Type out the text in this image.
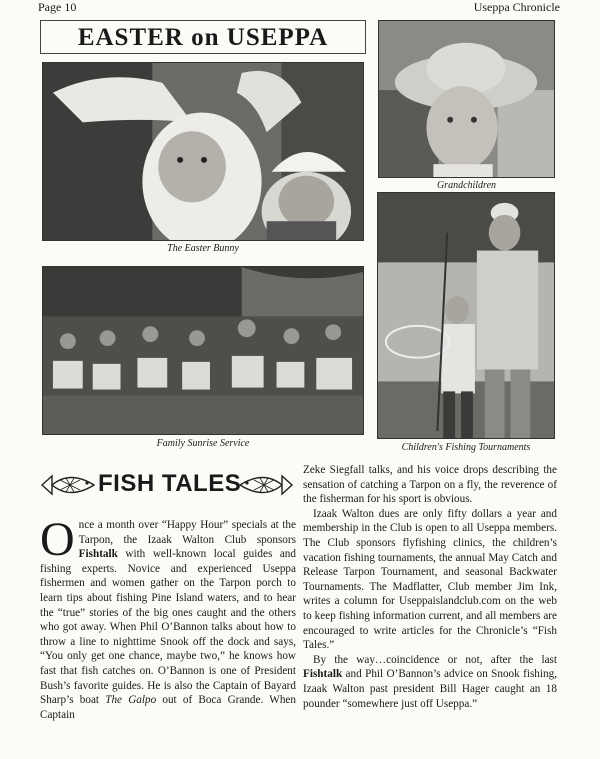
Page 10	Useppa Chronicle
EASTER on USEPPA
The Easter Bunny
Grandchildren
Family Sunrise Service	Children's Fishing Tournaments
FISH TALES

Once a month over “Happy Hour” specials at the Tarpon, the Izaak Walton Club sponsors Fishtalk with well-known local guides and fishing experts. Novice and experienced Useppa fishermen and women gather on the Tarpon porch to learn tips about fishing Pine Island waters, and to hear the “true” stories of the big ones caught and the others who got away. When Phil O’Bannon talks about how to throw a line to nighttime Snook off the dock and says, “You only get one chance, maybe two,” he knows how fast that fish catches on. O’Bannon is one of President Bush’s favorite guides. He is also the Captain of Bayard Sharp’s boat The Galpo out of Boca Grande. When Captain

Zeke Siegfall talks, and his voice drops describing the sensation of catching a Tarpon on a fly, the reverence of the fisherman for his sport is obvious.

Izaak Walton dues are only fifty dollars a year and membership in the Club is open to all Useppa members. The Club sponsors flyfishing clinics, the children’s vacation fishing tournaments, the annual May Catch and Release Tarpon Tournament, and seasonal Backwater Tournaments. The Madflatter, Club member Jim Ink, writes a column for Useppaislandclub.com on the web to keep fishing information current, and all members are encouraged to write articles for the Chronicle’s “Fish Tales.”

By the way…coincidence or not, after the last Fishtalk and Phil O’Bannon’s advice on Snook fishing, Izaak Walton past president Bill Hager caught an 18 pounder “somewhere just off Useppa.”
